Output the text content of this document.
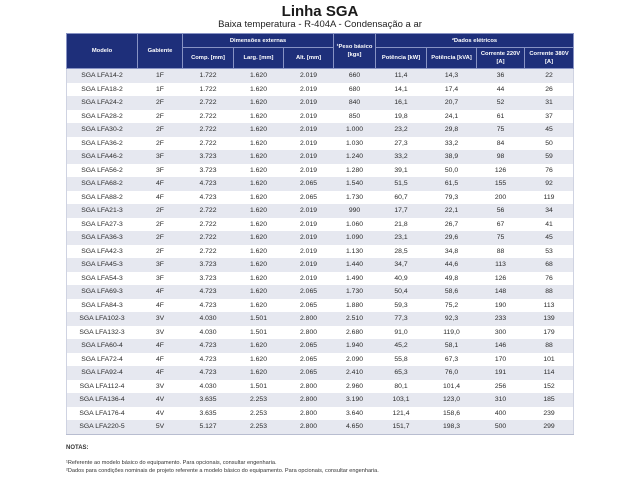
Linha SGA
Baixa temperatura - R-404A - Condensação a ar
Modelo	Gabiente	Dimensões externas			¹Peso básico [kgs]	²Dados elétricos			
		Comp. [mm]	Larg. [mm]	Alt. [mm]		Potência [kW]	Potência [kVA]	Corrente 220V [A]	Corrente 380V [A]
SGA LFA14-2	1F	1.722	1.620	2.019	660	11,4	14,3	36	22
SGA LFA18-2	1F	1.722	1.620	2.019	680	14,1	17,4	44	26
SGA LFA24-2	2F	2.722	1.620	2.019	840	16,1	20,7	52	31
SGA LFA28-2	2F	2.722	1.620	2.019	850	19,8	24,1	61	37
SGA LFA30-2	2F	2.722	1.620	2.019	1.000	23,2	29,8	75	45
SGA LFA36-2	2F	2.722	1.620	2.019	1.030	27,3	33,2	84	50
SGA LFA46-2	3F	3.723	1.620	2.019	1.240	33,2	38,9	98	59
SGA LFA56-2	3F	3.723	1.620	2.019	1.280	39,1	50,0	126	76
SGA LFA68-2	4F	4.723	1.620	2.065	1.540	51,5	61,5	155	92
SGA LFA88-2	4F	4.723	1.620	2.065	1.730	60,7	79,3	200	119
SGA LFA21-3	2F	2.722	1.620	2.019	990	17,7	22,1	56	34
SGA LFA27-3	2F	2.722	1.620	2.019	1.060	21,8	26,7	67	41
SGA LFA36-3	2F	2.722	1.620	2.019	1.090	23,1	29,6	75	45
SGA LFA42-3	2F	2.722	1.620	2.019	1.130	28,5	34,8	88	53
SGA LFA45-3	3F	3.723	1.620	2.019	1.440	34,7	44,6	113	68
SGA LFA54-3	3F	3.723	1.620	2.019	1.490	40,9	49,8	126	76
SGA LFA69-3	4F	4.723	1.620	2.065	1.730	50,4	58,6	148	88
SGA LFA84-3	4F	4.723	1.620	2.065	1.880	59,3	75,2	190	113
SGA LFA102-3	3V	4.030	1.501	2.800	2.510	77,3	92,3	233	139
SGA LFA132-3	3V	4.030	1.501	2.800	2.680	91,0	119,0	300	179
SGA LFA60-4	4F	4.723	1.620	2.065	1.940	45,2	58,1	146	88
SGA LFA72-4	4F	4.723	1.620	2.065	2.090	55,8	67,3	170	101
SGA LFA92-4	4F	4.723	1.620	2.065	2.410	65,3	76,0	191	114
SGA LFA112-4	3V	4.030	1.501	2.800	2.960	80,1	101,4	256	152
SGA LFA136-4	4V	3.635	2.253	2.800	3.190	103,1	123,0	310	185
SGA LFA176-4	4V	3.635	2.253	2.800	3.640	121,4	158,6	400	239
SGA LFA220-5	5V	5.127	2.253	2.800	4.650	151,7	198,3	500	299
NOTAS:
¹Referente ao modelo básico do equipamento. Para opcionais, consultar engenharia.
²Dados para condições nominais de projeto referente a modelo básico do equipamento. Para opcionais, consultar engenharia.
